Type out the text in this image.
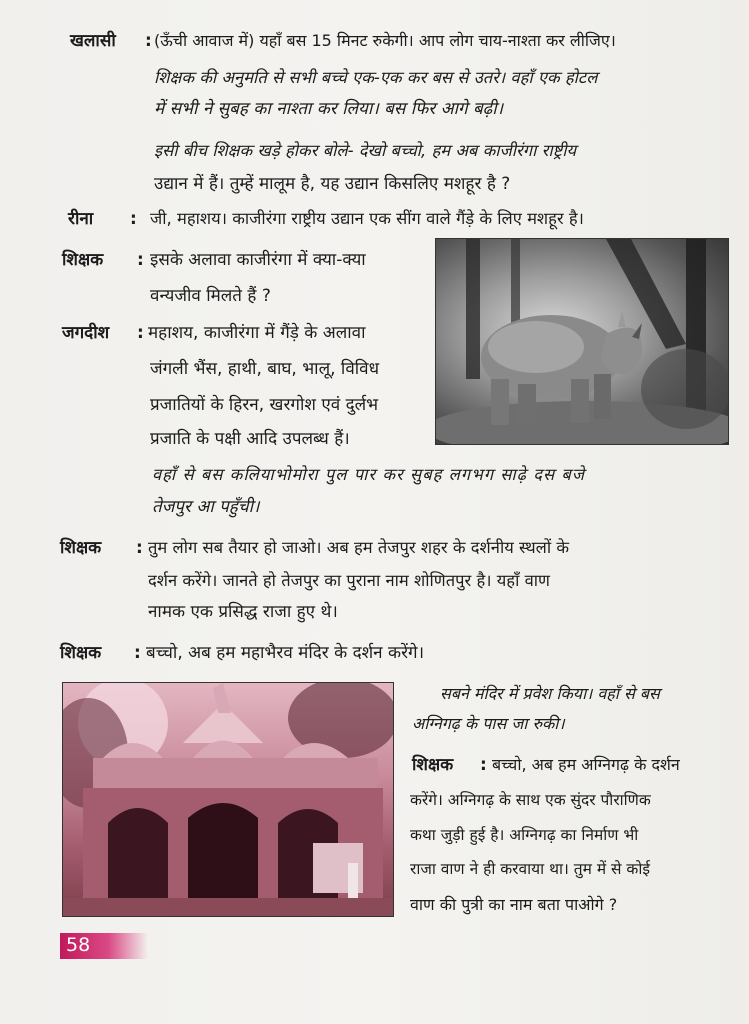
खलासी : (ऊँची आवाज में) यहाँ बस 15 मिनट रुकेगी। आप लोग चाय-नाश्ता कर लीजिए।
शिक्षक की अनुमति से सभी बच्चे एक-एक कर बस से उतरे। वहाँ एक होटल
में सभी ने सुबह का नाश्ता कर लिया। बस फिर आगे बढ़ी।
इसी बीच शिक्षक खड़े होकर बोले- देखो बच्चो, हम अब काजीरंगा राष्ट्रीय
उद्यान में हैं। तुम्हें मालूम है, यह उद्यान किसलिए मशहूर है ?
रीना : जी, महाशय। काजीरंगा राष्ट्रीय उद्यान एक सींग वाले गैंड़े के लिए मशहूर है।
शिक्षक : इसके अलावा काजीरंगा में क्या-क्या
वन्यजीव मिलते हैं ?
जगदीश : महाशय, काजीरंगा में गैंड़े के अलावा
जंगली भैंस, हाथी, बाघ, भालू, विविध
प्रजातियों के हिरन, खरगोश एवं दुर्लभ
प्रजाति के पक्षी आदि उपलब्ध हैं।
वहाँ से बस कलियाभोमोरा पुल पार कर सुबह लगभग साढ़े दस बजे
तेजपुर आ पहुँची।
शिक्षक : तुम लोग सब तैयार हो जाओ। अब हम तेजपुर शहर के दर्शनीय स्थलों के
दर्शन करेंगे। जानते हो तेजपुर का पुराना नाम शोणितपुर है। यहाँ वाण
नामक एक प्रसिद्ध राजा हुए थे।
शिक्षक : बच्चो, अब हम महाभैरव मंदिर के दर्शन करेंगे।
सबने मंदिर में प्रवेश किया। वहाँ से बस
अग्निगढ़ के पास जा रुकी।
शिक्षक : बच्चो, अब हम अग्निगढ़ के दर्शन
करेंगे। अग्निगढ़ के साथ एक सुंदर पौराणिक
कथा जुड़ी हुई है। अग्निगढ़ का निर्माण भी
राजा वाण ने ही करवाया था। तुम में से कोई
वाण की पुत्री का नाम बता पाओगे ?
58
